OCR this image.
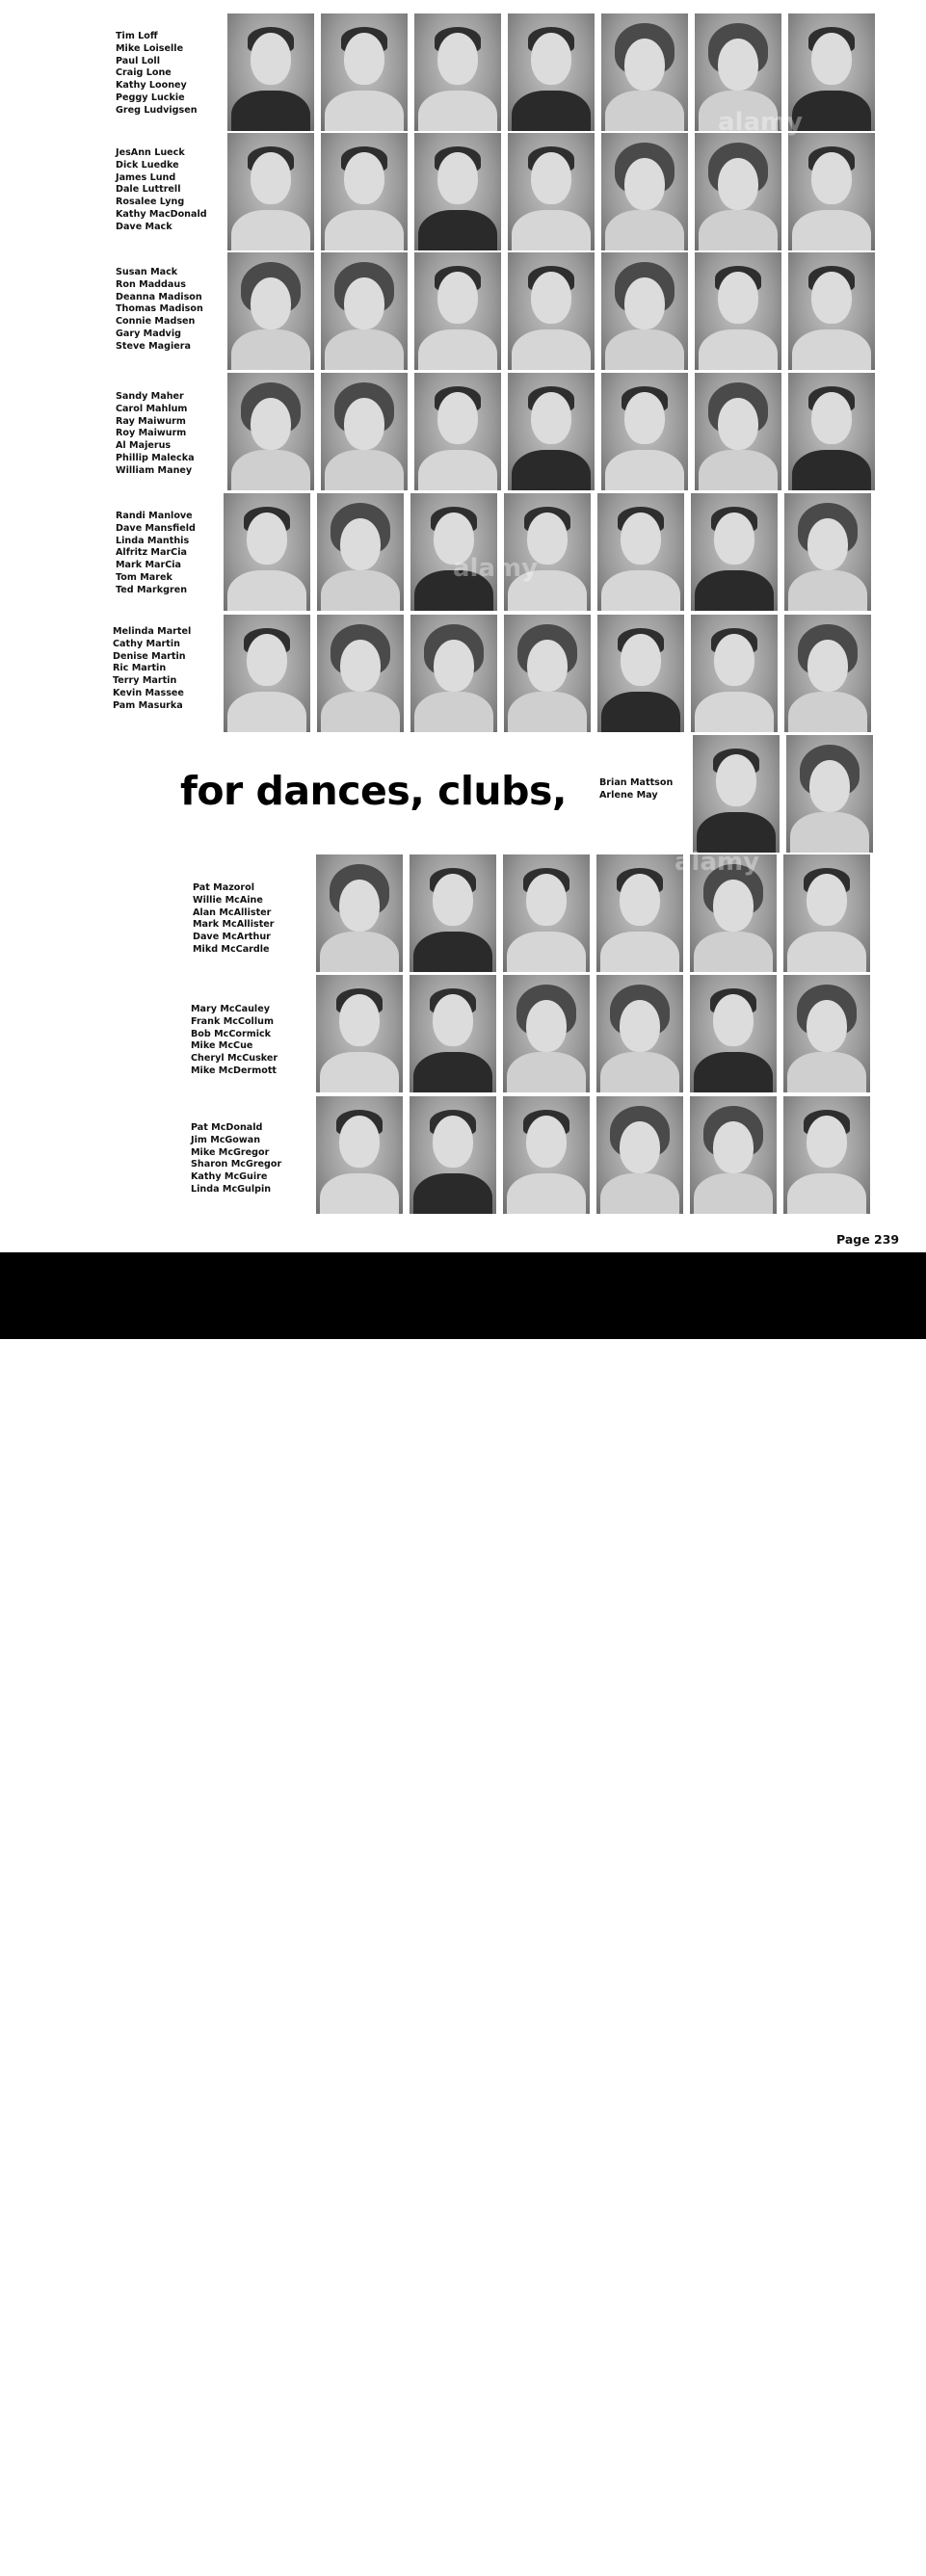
Tim Loff
Mike Loiselle
Paul Loll
Craig Lone
Kathy Looney
Peggy Luckie
Greg Ludvigsen
JesAnn Lueck
Dick Luedke
James Lund
Dale Luttrell
Rosalee Lyng
Kathy MacDonald
Dave Mack
Susan Mack
Ron Maddaus
Deanna Madison
Thomas Madison
Connie Madsen
Gary Madvig
Steve Magiera
Sandy Maher
Carol Mahlum
Ray Maiwurm
Roy Maiwurm
Al Majerus
Phillip Malecka
William Maney
Randi Manlove
Dave Mansfield
Linda Manthis
Alfritz MarCia
Mark MarCia
Tom Marek
Ted Markgren
Melinda Martel
Cathy Martin
Denise Martin
Ric Martin
Terry Martin
Kevin Massee
Pam Masurka
Brian Mattson
Arlene May
Pat Mazorol
Willie McAine
Alan McAllister
Mark McAllister
Dave McArthur
Mikd McCardle
Mary McCauley
Frank McCollum
Bob McCormick
Mike McCue
Cheryl McCusker
Mike McDermott
Pat McDonald
Jim McGowan
Mike McGregor
Sharon McGregor
Kathy McGuire
Linda McGulpin
for dances, clubs,
alamy
alamy
alamy
Page 239
alamy	3A5P7DH
Image ID: 3A5P7DH
